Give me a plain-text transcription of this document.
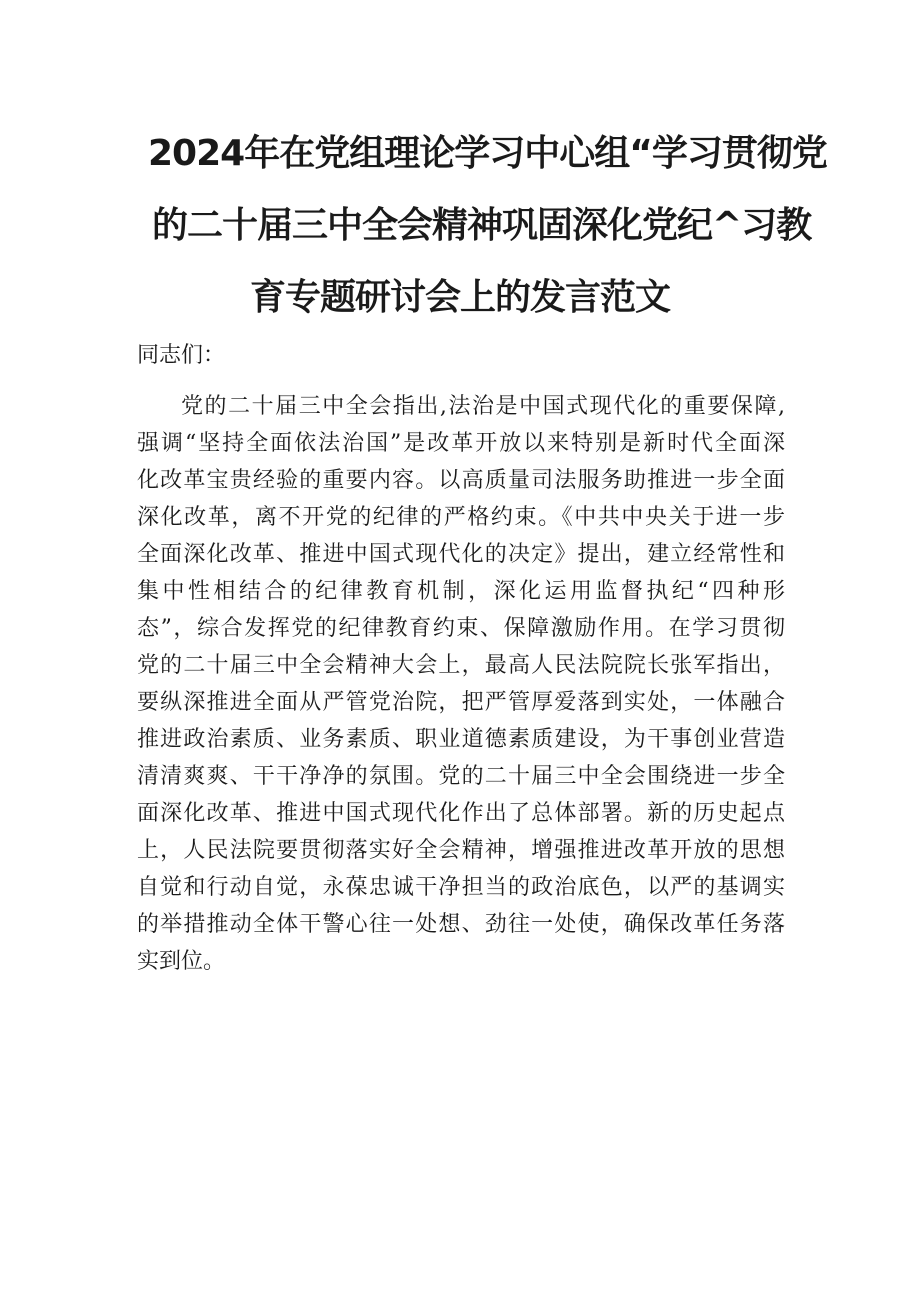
2024年在党组理论学习中心组“学习贯彻党
的二十届三中全会精神巩固深化党纪^习教
育专题研讨会上的发言范文

同志们：

党的二十届三中全会指出,法治是中国式现代化的重要保障,
强调“坚持全面依法治国”是改革开放以来特别是新时代全面深
化改革宝贵经验的重要内容。以高质量司法服务助推进一步全面
深化改革，离不开党的纪律的严格约束。《中共中央关于进一步
全面深化改革、推进中国式现代化的决定》提出，建立经常性和
集中性相结合的纪律教育机制，深化运用监督执纪“四种形
态”，综合发挥党的纪律教育约束、保障激励作用。在学习贯彻
党的二十届三中全会精神大会上，最高人民法院院长张军指出，
要纵深推进全面从严管党治院，把严管厚爱落到实处，一体融合
推进政治素质、业务素质、职业道德素质建设，为干事创业营造
清清爽爽、干干净净的氛围。党的二十届三中全会围绕进一步全
面深化改革、推进中国式现代化作出了总体部署。新的历史起点
上，人民法院要贯彻落实好全会精神，增强推进改革开放的思想
自觉和行动自觉，永葆忠诚干净担当的政治底色，以严的基调实
的举措推动全体干警心往一处想、劲往一处使，确保改革任务落
实到位。
